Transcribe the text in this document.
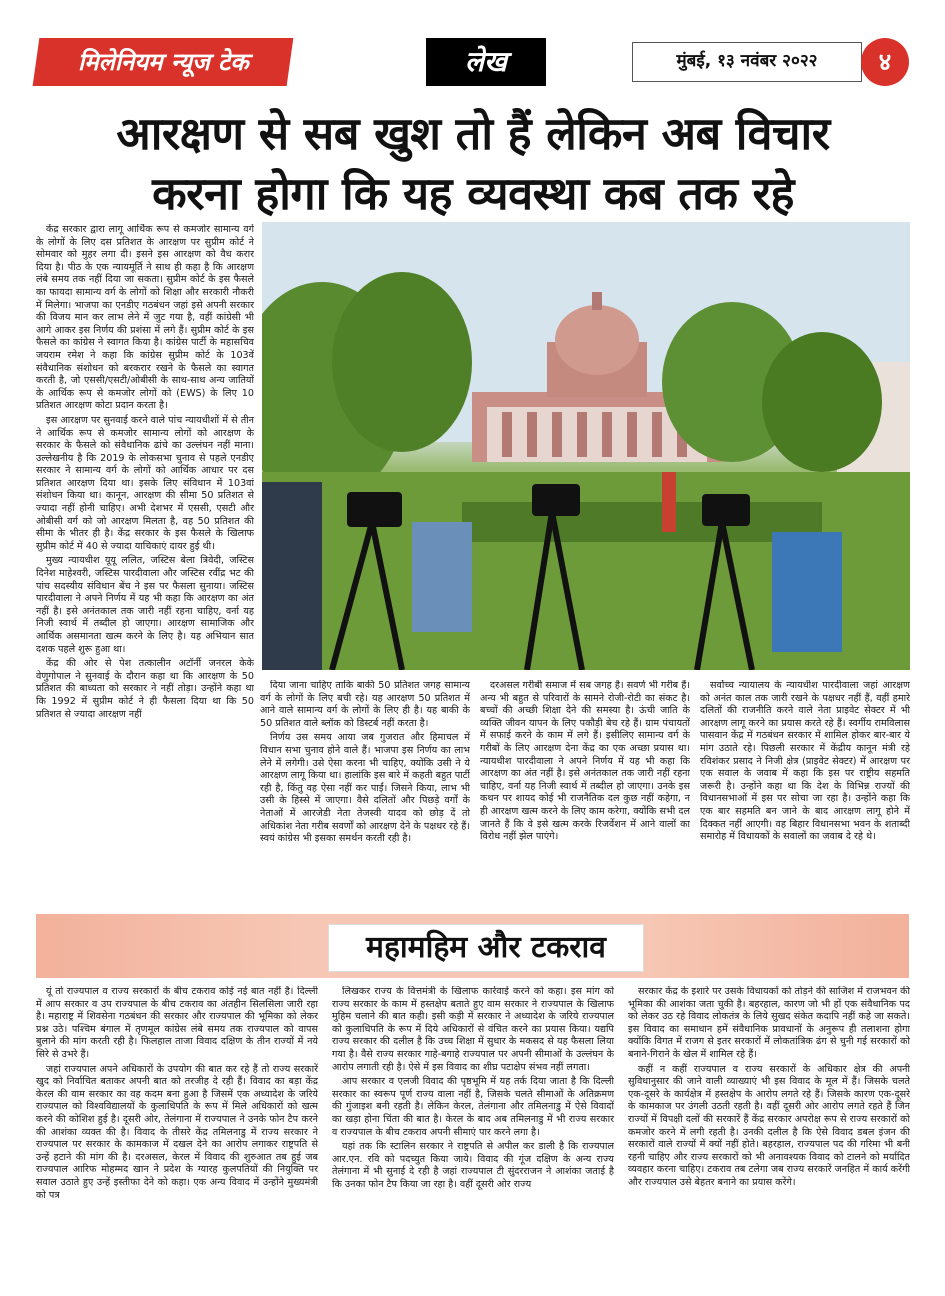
मिलेनियम न्यूज टेक	लेख	मुंबई, १३ नवंबर २०२२	४
आरक्षण से सब खुश तो हैं लेकिन अब विचार
करना होगा कि यह व्यवस्था कब तक रहे

केंद्र सरकार द्वारा लागू आर्थिक रूप से कमजोर सामान्य वर्ग के लोगों के लिए दस प्रतिशत के आरक्षण पर सुप्रीम कोर्ट ने सोमवार को मुहर लगा दी। इसने इस आरक्षण को वैध करार दिया है। पीठ के एक न्यायमूर्ति ने साथ ही कहा है कि आरक्षण लंबे समय तक नहीं दिया जा सकता। सुप्रीम कोर्ट के इस फैसले का फायदा सामान्य वर्ग के लोगों को शिक्षा और सरकारी नौकरी में मिलेगा। भाजपा का एनडीए गठबंधन जहां इसे अपनी सरकार की विजय मान कर लाभ लेने में जुट गया है, वहीं कांग्रेसी भी आगे आकर इस निर्णय की प्रशंसा में लगे हैं। सुप्रीम कोर्ट के इस फैसले का कांग्रेस ने स्वागत किया है। कांग्रेस पार्टी के महासचिव जयराम रमेश ने कहा कि कांग्रेस सुप्रीम कोर्ट के 103वें संवैधानिक संशोधन को बरकरार रखने के फैसले का स्वागत करती है, जो एससी/एसटी/ओबीसी के साथ-साथ अन्य जातियों के आर्थिक रूप से कमजोर लोगों को (EWS) के लिए 10 प्रतिशत आरक्षण कोटा प्रदान करता है।

इस आरक्षण पर सुनवाई करने वाले पांच न्यायधीशों में से तीन ने आर्थिक रूप से कमजोर सामान्य लोगों को आरक्षण के सरकार के फैसले को संवैधानिक ढांचे का उल्लंघन नहीं माना। उल्लेखनीय है कि 2019 के लोकसभा चुनाव से पहले एनडीए सरकार ने सामान्य वर्ग के लोगों को आर्थिक आधार पर दस प्रतिशत आरक्षण दिया था। इसके लिए संविधान में 103वां संशोधन किया था। कानून, आरक्षण की सीमा 50 प्रतिशत से ज्यादा नहीं होनी चाहिए। अभी देशभर में एससी, एसटी और ओबीसी वर्ग को जो आरक्षण मिलता है, वह 50 प्रतिशत की सीमा के भीतर ही है। केंद्र सरकार के इस फैसले के खिलाफ सुप्रीम कोर्ट में 40 से ज्यादा याचिकाएं दायर हुई थी।

मुख्य न्यायधीश यूयू ललित, जस्टिस बेला त्रिवेदी, जस्टिस दिनेश माहेश्वरी, जस्टिस पारदीवाला और जस्टिस रवींद्र भट की पांच सदस्यीय संविधान बेंच ने इस पर फैसला सुनाया। जस्टिस पारदीवाला ने अपने निर्णय में यह भी कहा कि आरक्षण का अंत नहीं है। इसे अनंतकाल तक जारी नहीं रहना चाहिए, वर्ना यह निजी स्वार्थ में तब्दील हो जाएगा। आरक्षण सामाजिक और आर्थिक असमानता खत्म करने के लिए है। यह अभियान सात दशक पहले शुरू हुआ था।

केंद्र की ओर से पेश तत्कालीन अटॉर्नी जनरल केके वेणुगोपाल ने सुनवाई के दौरान कहा था कि आरक्षण के 50 प्रतिशत की बाध्यता को सरकार ने नहीं तोड़ा। उन्होंने कहा था कि 1992 में सुप्रीम कोर्ट ने ही फैसला दिया था कि 50 प्रतिशत से ज्यादा आरक्षण नहीं

दिया जाना चाहिए ताकि बाकी 50 प्रतिशत जगह सामान्य वर्ग के लोगों के लिए बची रहे। यह आरक्षण 50 प्रतिशत में आने वाले सामान्य वर्ग के लोगों के लिए ही है। यह बाकी के 50 प्रतिशत वाले ब्लॉक को डिस्टर्ब नहीं करता है।

निर्णय उस समय आया जब गुजरात और हिमाचल में विधान सभा चुनाव होने वाले हैं। भाजपा इस निर्णय का लाभ लेने में लगेगी। उसे ऐसा करना भी चाहिए, क्योंकि उसी ने ये आरक्षण लागू किया था। हालांकि इस बारे में कहती बहुत पार्टी रही है, किंतु वह ऐसा नहीं कर पाईं। जिसने किया, लाभ भी उसी के हिस्से में जाएगा। वैसे दलितों और पिछड़े वर्गों के नेताओं में आरजेडी नेता तेजस्वी यादव को छोड़ दें तो अधिकांश नेता गरीब सवर्णों को आरक्षण देने के पक्षधर रहे हैं। स्वयं कांग्रेस भी इसका समर्थन करती रही है।

दरअसल गरीबी समाज में सब जगह है। सवर्ण भी गरीब हैं। अन्य भी बहुत से परिवारों के सामने रोजी-रोटी का संकट है। बच्चों की अच्छी शिक्षा देने की समस्या है। ऊंची जाति के व्यक्ति जीवन यापन के लिए पकौड़ी बेच रहे हैं। ग्राम पंचायतों में सफाई करने के काम में लगे हैं। इसीलिए सामान्य वर्ग के गरीबों के लिए आरक्षण देना केंद्र का एक अच्छा प्रयास था। न्यायधीश पारदीवाला ने अपने निर्णय में यह भी कहा कि आरक्षण का अंत नहीं है। इसे अनंतकाल तक जारी नहीं रहना चाहिए, वर्ना यह निजी स्वार्थ में तब्दील हो जाएगा। उनके इस कथन पर शायद कोई भी राजनैतिक दल कुछ नहीं कहेगा, न ही आरक्षण खत्म करने के लिए काम करेगा, क्योंकि सभी दल जानते हैं कि वे इसे खत्म करके रिजर्वेशन में आने वालों का विरोध नहीं झेल पाएंगे।

सर्वोच्च न्यायालय के न्यायधीश पारदीवाला जहां आरक्षण को अनंत काल तक जारी रखने के पक्षधर नहीं हैं, वहीं हमारे दलितों की राजनीति करने वाले नेता प्राइवेट सेक्टर में भी आरक्षण लागू करने का प्रयास करते रहे हैं। स्वर्गीय रामविलास पासवान केंद्र में गठबंधन सरकार में शामिल होकर बार-बार ये मांग उठाते रहे। पिछली सरकार में केंद्रीय कानून मंत्री रहे रविशंकर प्रसाद ने निजी क्षेत्र (प्राइवेट सेक्टर) में आरक्षण पर एक सवाल के जवाब में कहा कि इस पर राष्ट्रीय सहमति जरूरी है। उन्होंने कहा था कि देश के विभिन्न राज्यों की विधानसभाओं में इस पर सोचा जा रहा है। उन्होंने कहा कि एक बार सहमति बन जाने के बाद आरक्षण लागू होने में दिक्कत नहीं आएगी। वह बिहार विधानसभा भवन के शताब्दी समारोह में विधायकों के सवालों का जवाब दे रहे थे।

महामहिम और टकराव

यूं तो राज्यपाल व राज्य सरकारों के बीच टकराव कोई नई बात नहीं है। दिल्ली में आप सरकार व उप राज्यपाल के बीच टकराव का अंतहीन सिलसिला जारी रहा है। महाराष्ट्र में शिवसेना गठबंधन की सरकार और राज्यपाल की भूमिका को लेकर प्रश्न उठे। पश्चिम बंगाल में तृणमूल कांग्रेस लंबे समय तक राज्यपाल को वापस बुलाने की मांग करती रही है। फिलहाल ताजा विवाद दक्षिण के तीन राज्यों में नये सिरे से उभरे हैं।

जहां राज्यपाल अपने अधिकारों के उपयोग की बात कर रहे हैं तो राज्य सरकारें खुद को निर्वाचित बताकर अपनी बात को तरजीह दे रही हैं। विवाद का बड़ा केंद्र केरल की वाम सरकार का वह कदम बना हुआ है जिसमें एक अध्यादेश के जरिये राज्यपाल को विश्वविद्यालयों के कुलाधिपति के रूप में मिले अधिकारों को खत्म करने की कोशिश हुई है। दूसरी ओर, तेलंगाना में राज्यपाल ने उनके फोन टैप करने की आशंका व्यक्त की है। विवाद के तीसरे केंद्र तमिलनाडु में राज्य सरकार ने राज्यपाल पर सरकार के कामकाज में दखल देने का आरोप लगाकर राष्ट्रपति से उन्हें हटाने की मांग की है। दरअसल, केरल में विवाद की शुरुआत तब हुई जब राज्यपाल आरिफ मोहम्मद खान ने प्रदेश के ग्यारह कुलपतियों की नियुक्ति पर सवाल उठाते हुए उन्हें इस्तीफा देने को कहा। एक अन्य विवाद में उन्होंने मुख्यमंत्री को पत्र

लिखकर राज्य के वित्तमंत्री के खिलाफ कार्रवाई करने को कहा। इस मांग को राज्य सरकार के काम में हस्तक्षेप बताते हुए वाम सरकार ने राज्यपाल के खिलाफ मुहिम चलाने की बात कही। इसी कड़ी में सरकार ने अध्यादेश के जरिये राज्यपाल को कुलाधिपति के रूप में दिये अधिकारों से वंचित करने का प्रयास किया। यद्यपि राज्य सरकार की दलील है कि उच्च शिक्षा में सुधार के मकसद से यह फैसला लिया गया है। वैसे राज्य सरकार गाहे-बगाहे राज्यपाल पर अपनी सीमाओं के उल्लंघन के आरोप लगाती रही है। ऐसे में इस विवाद का शीघ्र पटाक्षेप संभव नहीं लगता।

आप सरकार व एलजी विवाद की पृष्ठभूमि में यह तर्क दिया जाता है कि दिल्ली सरकार का स्वरूप पूर्ण राज्य वाला नहीं है, जिसके चलते सीमाओं के अतिक्रमण की गुंजाइश बनी रहती है। लेकिन केरल, तेलंगाना और तमिलनाडु में ऐसे विवादों का खड़ा होना चिंता की बात है। केरल के बाद अब तमिलनाडु में भी राज्य सरकार व राज्यपाल के बीच टकराव अपनी सीमाएं पार करने लगा है।

यहां तक कि स्टालिन सरकार ने राष्ट्रपति से अपील कर डाली है कि राज्यपाल आर.एन. रवि को पदच्युत किया जाये। विवाद की गूंज दक्षिण के अन्य राज्य तेलंगाना में भी सुनाई दे रही है जहां राज्यपाल टी सुंदरराजन ने आशंका जताई है कि उनका फोन टैप किया जा रहा है। वहीं दूसरी ओर राज्य

सरकार केंद्र के इशारे पर उसके विधायकों को तोड़ने की साजिश में राजभवन की भूमिका की आशंका जता चुकी है। बहरहाल, कारण जो भी हों एक संवैधानिक पद को लेकर उठ रहे विवाद लोकतंत्र के लिये सुखद संकेत कदापि नहीं कहे जा सकते। इस विवाद का समाधान हमें संवैधानिक प्रावधानों के अनुरूप ही तलाशना होगा क्योंकि विगत में राजग से इतर सरकारों में लोकतांत्रिक ढंग से चुनी गई सरकारों को बनाने-गिराने के खेल में शामिल रहे हैं।

कहीं न कहीं राज्यपाल व राज्य सरकारों के अधिकार क्षेत्र की अपनी सुविधानुसार की जाने वाली व्याख्याएं भी इस विवाद के मूल में हैं। जिसके चलते एक-दूसरे के कार्यक्षेत्र में हस्तक्षेप के आरोप लगते रहे हैं। जिसके कारण एक-दूसरे के कामकाज पर उंगली उठती रहती है। वहीं दूसरी ओर आरोप लगते रहते हैं जिन राज्यों में विपक्षी दलों की सरकारें हैं केंद्र सरकार अपरोक्ष रूप से राज्य सरकारों को कमजोर करने में लगी रहती है। उनकी दलील है कि ऐसे विवाद डबल इंजन की सरकारों वाले राज्यों में क्यों नहीं होते। बहरहाल, राज्यपाल पद की गरिमा भी बनी रहनी चाहिए और राज्य सरकारों को भी अनावश्यक विवाद को टालने को मर्यादित व्यवहार करना चाहिए। टकराव तब टलेगा जब राज्य सरकारें जनहित में कार्य करेंगी और राज्यपाल उसे बेहतर बनाने का प्रयास करेंगे।
